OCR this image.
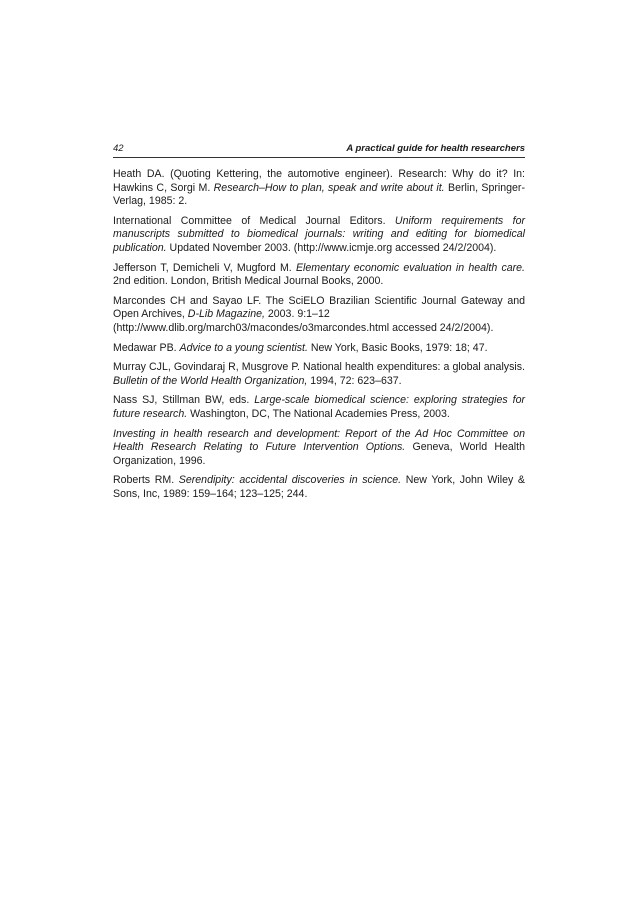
42	A practical guide for health researchers
Heath DA. (Quoting Kettering, the automotive engineer). Research: Why do it? In: Hawkins C, Sorgi M. Research–How to plan, speak and write about it. Berlin, Springer-Verlag, 1985: 2.
International Committee of Medical Journal Editors. Uniform requirements for manuscripts submitted to biomedical journals: writing and editing for biomedical publication. Updated November 2003. (http://www.icmje.org accessed 24/2/2004).
Jefferson T, Demicheli V, Mugford M. Elementary economic evaluation in health care. 2nd edition. London, British Medical Journal Books, 2000.
Marcondes CH and Sayao LF. The SciELO Brazilian Scientific Journal Gateway and Open Archives, D-Lib Magazine, 2003. 9:1–12
(http://www.dlib.org/march03/macondes/o3marcondes.html accessed 24/2/2004).
Medawar PB. Advice to a young scientist. New York, Basic Books, 1979: 18; 47.
Murray CJL, Govindaraj R, Musgrove P. National health expenditures: a global analysis. Bulletin of the World Health Organization, 1994, 72: 623–637.
Nass SJ, Stillman BW, eds. Large-scale biomedical science: exploring strategies for future research. Washington, DC, The National Academies Press, 2003.
Investing in health research and development: Report of the Ad Hoc Committee on Health Research Relating to Future Intervention Options. Geneva, World Health Organization, 1996.
Roberts RM. Serendipity: accidental discoveries in science. New York, John Wiley & Sons, Inc, 1989: 159–164; 123–125; 244.
